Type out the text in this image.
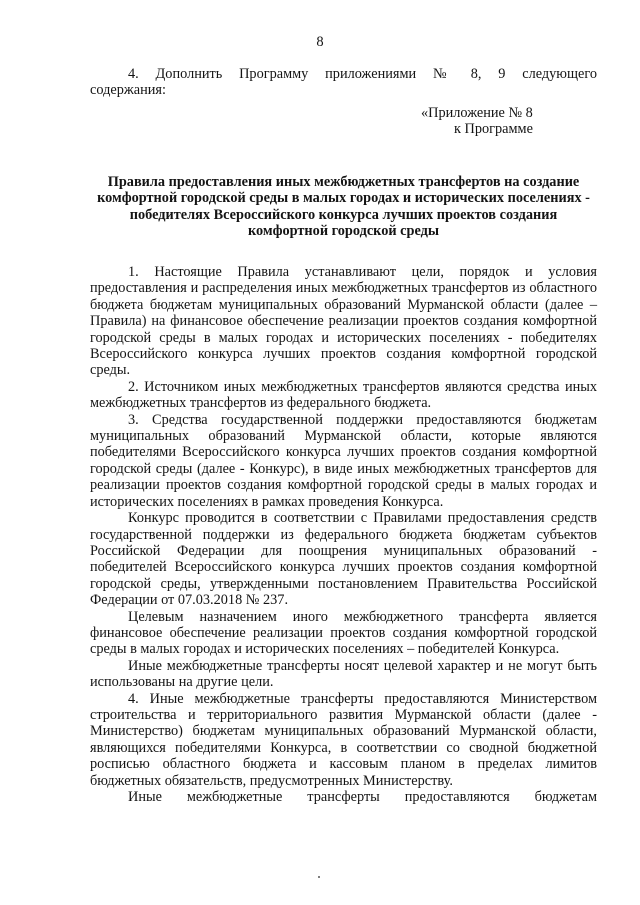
8

4. Дополнить Программу приложениями № 8, 9 следующего содержания:

«Приложение № 8
к Программе
Правила предоставления иных межбюджетных трансфертов на создание комфортной городской среды в малых городах и исторических поселениях - победителях Всероссийского конкурса лучших проектов создания комфортной городской среды

1. Настоящие Правила устанавливают цели, порядок и условия предоставления и распределения иных межбюджетных трансфертов из областного бюджета бюджетам муниципальных образований Мурманской области (далее – Правила) на финансовое обеспечение реализации проектов создания комфортной городской среды в малых городах и исторических поселениях - победителях Всероссийского конкурса лучших проектов создания комфортной городской среды.

2. Источником иных межбюджетных трансфертов являются средства иных межбюджетных трансфертов из федерального бюджета.

3. Средства государственной поддержки предоставляются бюджетам муниципальных образований Мурманской области, которые являются победителями Всероссийского конкурса лучших проектов создания комфортной городской среды (далее - Конкурс), в виде иных межбюджетных трансфертов для реализации проектов создания комфортной городской среды в малых городах и исторических поселениях в рамках проведения Конкурса.

Конкурс проводится в соответствии с Правилами предоставления средств государственной поддержки из федерального бюджета бюджетам субъектов Российской Федерации для поощрения муниципальных образований - победителей Всероссийского конкурса лучших проектов создания комфортной городской среды, утвержденными постановлением Правительства Российской Федерации от 07.03.2018 № 237.

Целевым назначением иного межбюджетного трансферта является финансовое обеспечение реализации проектов создания комфортной городской среды в малых городах и исторических поселениях – победителей Конкурса.

Иные межбюджетные трансферты носят целевой характер и не могут быть использованы на другие цели.

4. Иные межбюджетные трансферты предоставляются Министерством строительства и территориального развития Мурманской области (далее - Министерство) бюджетам муниципальных образований Мурманской области, являющихся победителями Конкурса, в соответствии со сводной бюджетной росписью областного бюджета и кассовым планом в пределах лимитов бюджетных обязательств, предусмотренных Министерству.

Иные межбюджетные трансферты предоставляются бюджетам
